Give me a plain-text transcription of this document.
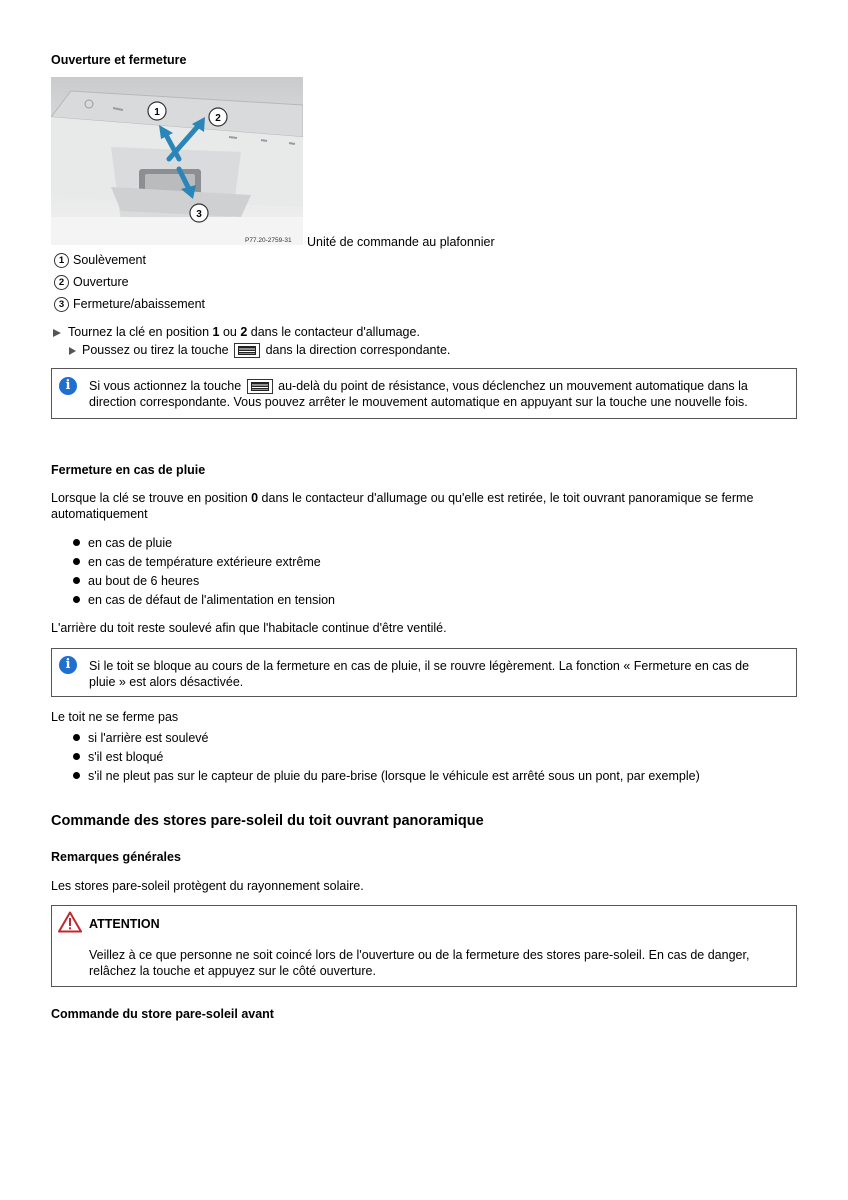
Ouverture et fermeture
1
2
3
P77.20-2759-31 Unité de commande au plafonnier
1 Soulèvement
2 Ouverture
3 Fermeture/abaissement
Tournez la clé en position 1 ou 2 dans le contacteur d'allumage.
Poussez ou tirez la touche  dans la direction correspondante.
i	Si vous actionnez la touche  au-delà du point de résistance, vous déclenchez un mouvement automatique dans la
direction correspondante. Vous pouvez arrêter le mouvement automatique en appuyant sur la touche une nouvelle fois.
Fermeture en cas de pluie
Lorsque la clé se trouve en position 0 dans le contacteur d'allumage ou qu'elle est retirée, le toit ouvrant panoramique se ferme
automatiquement
en cas de pluie
en cas de température extérieure extrême
au bout de 6 heures
en cas de défaut de l'alimentation en tension
L'arrière du toit reste soulevé afin que l'habitacle continue d'être ventilé.
i	Si le toit se bloque au cours de la fermeture en cas de pluie, il se rouvre légèrement. La fonction « Fermeture en cas de
pluie » est alors désactivée.
Le toit ne se ferme pas
si l'arrière est soulevé
s'il est bloqué
s'il ne pleut pas sur le capteur de pluie du pare-brise (lorsque le véhicule est arrêté sous un pont, par exemple)
Commande des stores pare-soleil du toit ouvrant panoramique
Remarques générales
Les stores pare-soleil protègent du rayonnement solaire.
ATTENTION
Veillez à ce que personne ne soit coincé lors de l'ouverture ou de la fermeture des stores pare-soleil. En cas de danger,
relâchez la touche et appuyez sur le côté ouverture.
Commande du store pare-soleil avant
